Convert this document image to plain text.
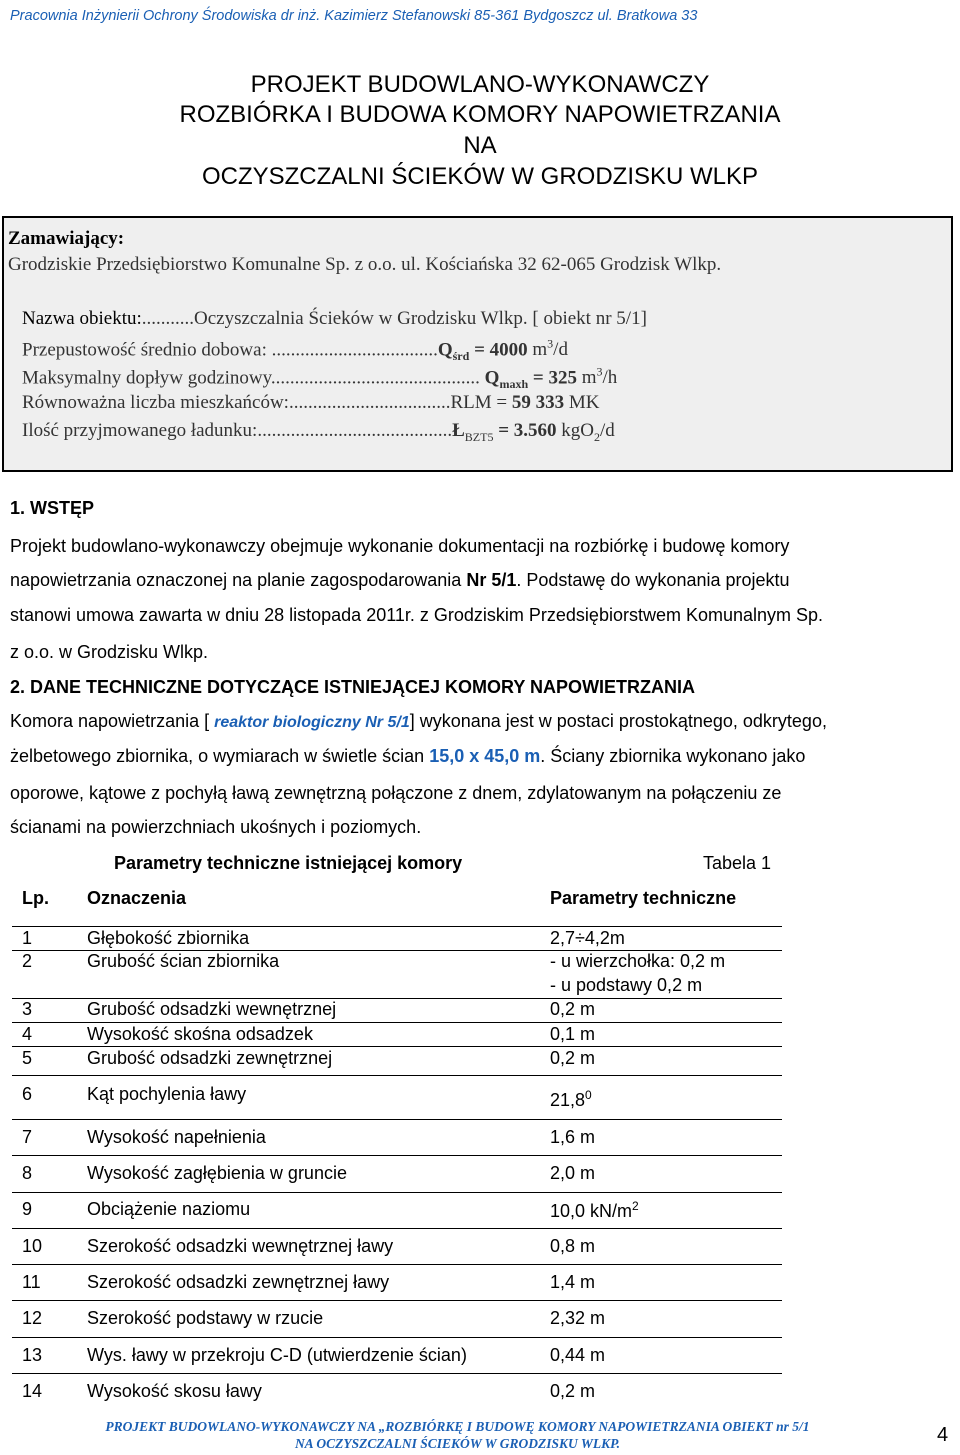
Pracownia Inżynierii Ochrony Środowiska dr inż. Kazimierz Stefanowski 85-361 Bydgoszcz ul. Bratkowa 33
PROJEKT BUDOWLANO-WYKONAWCZY
ROZBIÓRKA I BUDOWA KOMORY NAPOWIETRZANIA
NA
OCZYSZCZALNI ŚCIEKÓW W GRODZISKU WLKP
Zamawiający:
Grodziskie Przedsiębiorstwo Komunalne Sp. z o.o. ul. Kościańska 32 62-065 Grodzisk Wlkp.
Nazwa obiektu:...........Oczyszczalnia Ścieków w Grodzisku Wlkp. [ obiekt nr 5/1]
Przepustowość średnio dobowa: $...................................Q_{śrd} = 4000$ $m^3/d$
Maksymalny dopływ godzinowy............................................ $Q_{maxh} = 325$ $m^3/h$
Równoważna liczba mieszkańców:..................................RLM = 59 333 MK
Ilość przyjmowanego $ładunku:.........................................Ł_{BZT5} = 3.560$ kgO$_2$/d
1. WSTĘP
Projekt budowlano-wykonawczy obejmuje wykonanie dokumentacji na rozbiórkę i budowę komory
napowietrzania oznaczonej na planie zagospodarowania Nr 5/1. Podstawę do wykonania projektu
stanowi umowa zawarta w dniu 28 listopada 2011r. z Grodziskim Przedsiębiorstwem Komunalnym Sp.
z o.o. w Grodzisku Wlkp.
2. DANE TECHNICZNE DOTYCZĄCE ISTNIEJĄCEJ KOMORY NAPOWIETRZANIA
Komora napowietrzania [ reaktor biologiczny Nr 5/1] wykonana jest w postaci prostokątnego, odkrytego,
żelbetowego zbiornika, o wymiarach w świetle ścian 15,0 x 45,0 m. Ściany zbiornika wykonano jako
oporowe, kątowe z pochyłą ławą zewnętrzną połączone z dnem, zdylatowanym na połączeniu ze
ścianami na powierzchniach ukośnych i poziomych.
Parametry techniczne istniejącej komory	Tabela 1
Lp. Oznaczenia	Parametry techniczne
1	Głębokość zbiornika	2,7÷4,2m
2	Grubość ścian zbiornika	- u wierzchołka: 0,2 m
- u podstawy 0,2 m
3	Grubość odsadzki wewnętrznej	0,2 m
4	Wysokość skośna odsadzek	0,1 m
5	Grubość odsadzki zewnętrznej	0,2 m
6	Kąt pochylenia ławy	21,8$^0$
7	Wysokość napełnienia	1,6 m
8	Wysokość zagłębienia w gruncie	2,0 m
9	Obciążenie naziomu	10,0 $kN/m^2$
10 Szerokość odsadzki wewnętrznej ławy	0,8 m
11	Szerokość odsadzki zewnętrznej ławy	1,4 m
12 Szerokość podstawy w rzucie	2,32 m
13 Wys. ławy w przekroju C-D (utwierdzenie ścian)	0,44 m
14 Wysokość skosu ławy	0,2 m
PROJEKT BUDOWLANO-WYKONAWCZY NA „ROZBIÓRKĘ I BUDOWĘ KOMORY NAPOWIETRZANIA OBIEKT nr 5/1
NA OCZYSZCZALNI ŚCIEKÓW W GRODZISKU WLKP.	4
